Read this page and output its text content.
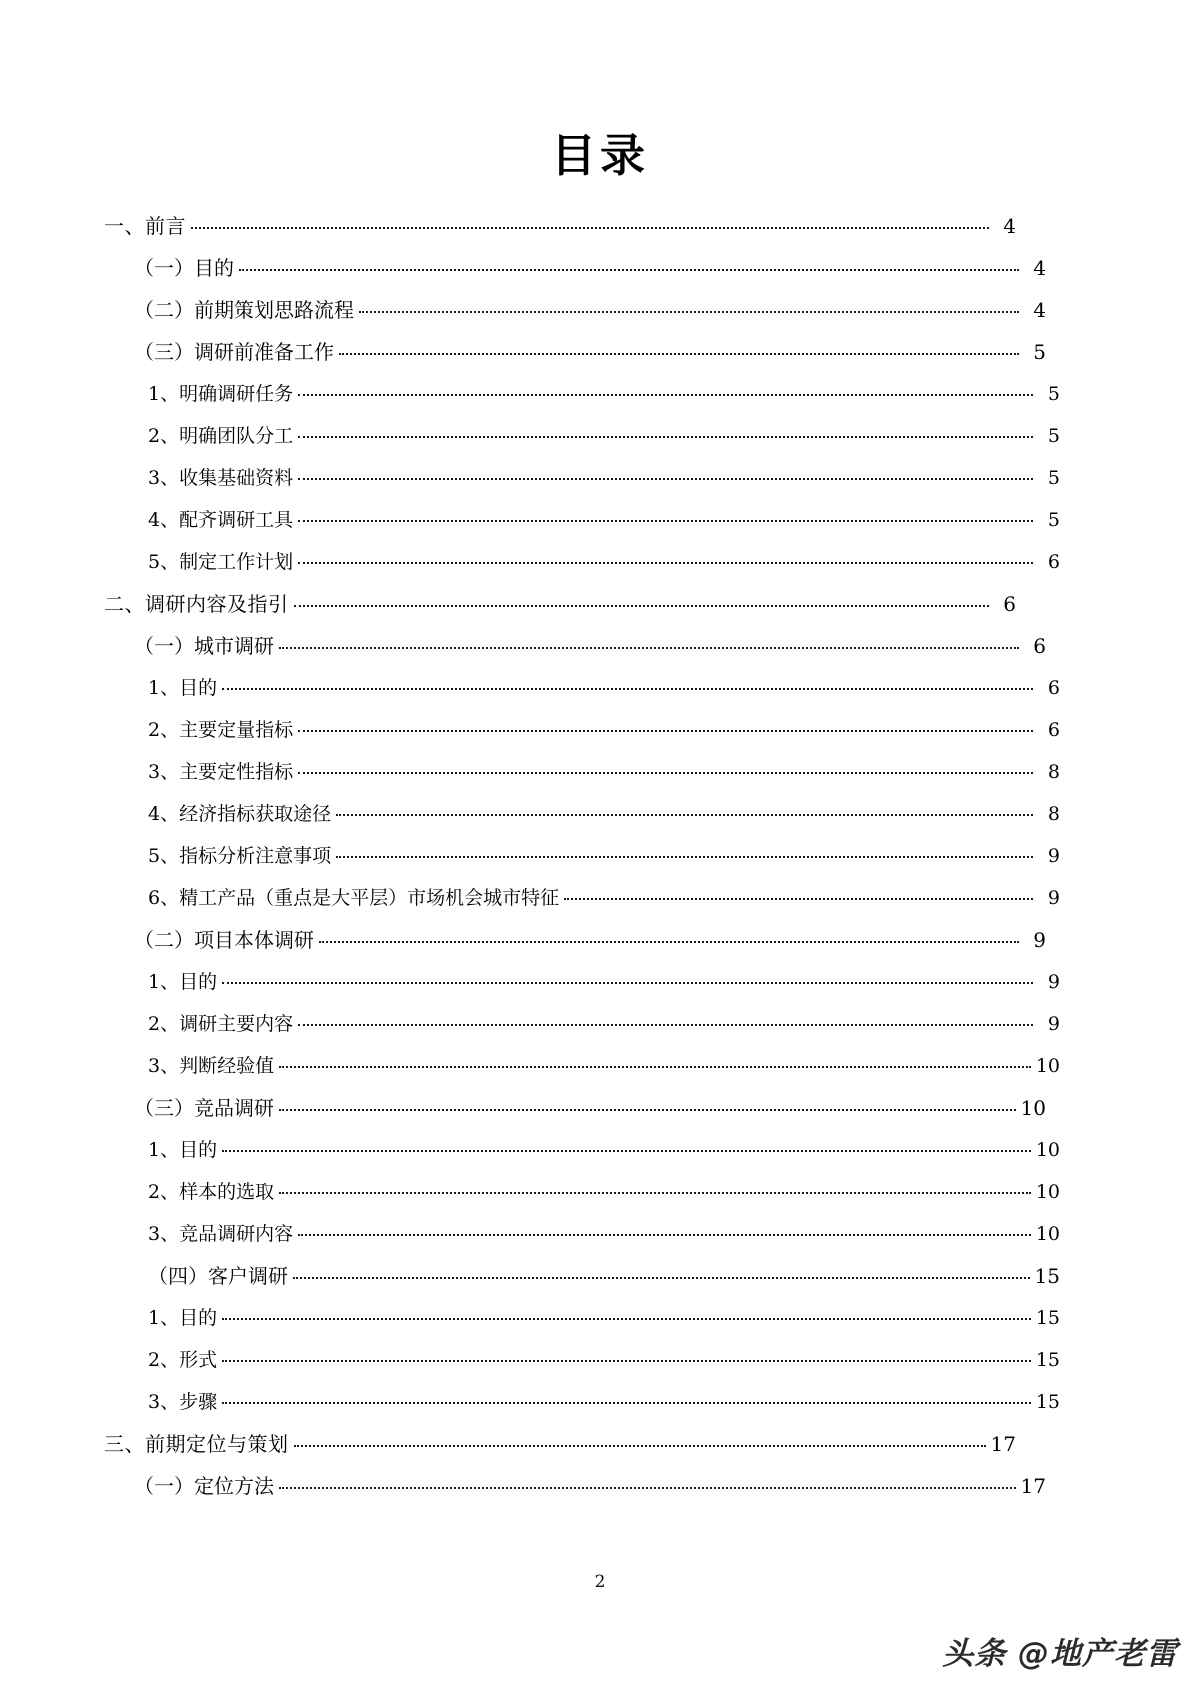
目录
一、前言	4
（一）目的	4
（二）前期策划思路流程	4
（三）调研前准备工作	5
1、明确调研任务	5
2、明确团队分工	5
3、收集基础资料	5
4、配齐调研工具	5
5、制定工作计划	6
二、调研内容及指引	6
（一）城市调研	6
1、目的	6
2、主要定量指标	6
3、主要定性指标	8
4、经济指标获取途径	8
5、指标分析注意事项	9
6、精工产品（重点是大平层）市场机会城市特征	9
（二）项目本体调研	9
1、目的	9
2、调研主要内容	9
3、判断经验值	10
（三）竞品调研	10
1、目的	10
2、样本的选取	10
3、竞品调研内容	10
（四）客户调研	15
1、目的	15
2、形式	15
3、步骤	15
三、前期定位与策划	17
（一）定位方法	17
2
头条 @地产老雷
